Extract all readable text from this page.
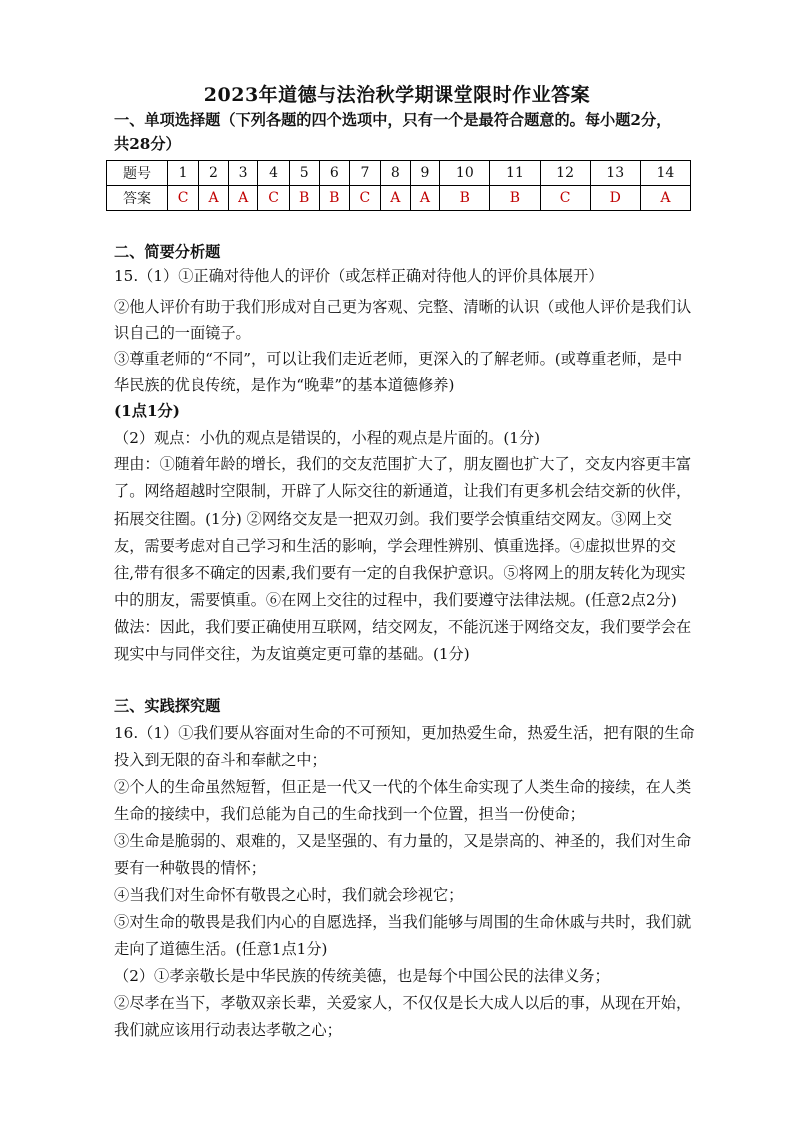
2023年道德与法治秋学期课堂限时作业答案
一、单项选择题（下列各题的四个选项中，只有一个是最符合题意的。每小题2分，
共28分）
题号	1	2	3	4	5	6	7	8	9	10	11	12	13	14
答案	C	A	A	C	B	B	C	A	A	B	B	C	D	A
二、简要分析题
15.（1）①正确对待他人的评价（或怎样正确对待他人的评价具体展开）
②他人评价有助于我们形成对自己更为客观、完整、清晰的认识（或他人评价是我们认
识自己的一面镜子。
③尊重老师的“不同”，可以让我们走近老师，更深入的了解老师。(或尊重老师，是中
华民族的优良传统，是作为“晚辈”的基本道德修养)
(1点1分)
（2）观点：小仇的观点是错误的，小程的观点是片面的。(1分)
理由：①随着年龄的增长，我们的交友范围扩大了，朋友圈也扩大了，交友内容更丰富
了。网络超越时空限制，开辟了人际交往的新通道，让我们有更多机会结交新的伙伴，
拓展交往圈。(1分) ②网络交友是一把双刃剑。我们要学会慎重结交网友。③网上交
友，需要考虑对自己学习和生活的影响，学会理性辨别、慎重选择。④虚拟世界的交
往,带有很多不确定的因素,我们要有一定的自我保护意识。⑤将网上的朋友转化为现实
中的朋友，需要慎重。⑥在网上交往的过程中，我们要遵守法律法规。(任意2点2分)
做法：因此，我们要正确使用互联网，结交网友，不能沉迷于网络交友，我们要学会在
现实中与同伴交往，为友谊奠定更可靠的基础。(1分)
三、实践探究题
16.（1）①我们要从容面对生命的不可预知，更加热爱生命，热爱生活，把有限的生命
投入到无限的奋斗和奉献之中；
②个人的生命虽然短暂，但正是一代又一代的个体生命实现了人类生命的接续，在人类
生命的接续中，我们总能为自己的生命找到一个位置，担当一份使命；
③生命是脆弱的、艰难的，又是坚强的、有力量的，又是崇高的、神圣的，我们对生命
要有一种敬畏的情怀；
④当我们对生命怀有敬畏之心时，我们就会珍视它；
⑤对生命的敬畏是我们内心的自愿选择，当我们能够与周围的生命休戚与共时，我们就
走向了道德生活。(任意1点1分)
（2）①孝亲敬长是中华民族的传统美德，也是每个中国公民的法律义务；
②尽孝在当下，孝敬双亲长辈，关爱家人，不仅仅是长大成人以后的事，从现在开始，
我们就应该用行动表达孝敬之心；
